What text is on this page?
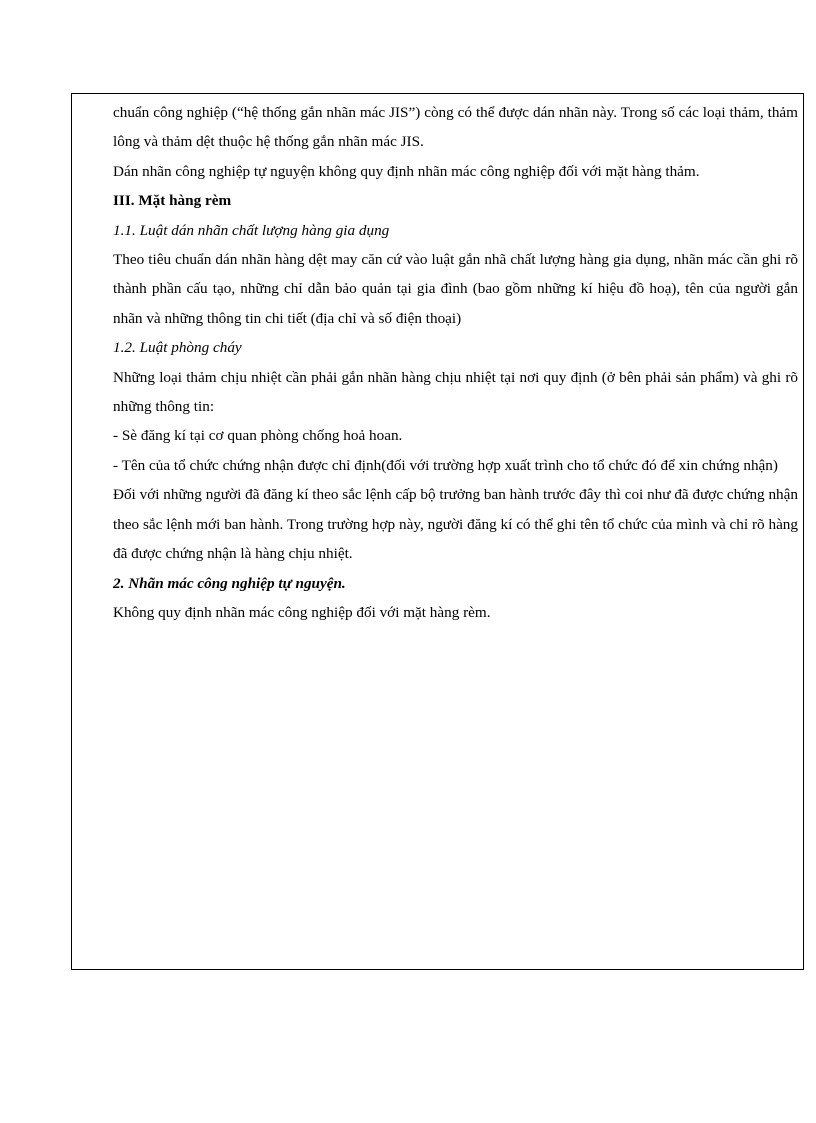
chuẩn công nghiệp (“hệ thống gắn nhãn mác JIS”) còng có thể được dán nhãn này. Trong số các loại thảm, thảm lông và thảm dệt thuộc hệ thống gắn nhãn mác JIS.

Dán nhãn công nghiệp tự nguyện không quy định nhãn mác công nghiệp đối với mặt hàng thảm.

III. Mặt hàng rèm

1.1. Luật dán nhãn chất lượng hàng gia dụng

Theo tiêu chuẩn dán nhãn hàng dệt may căn cứ vào luật gắn nhã chất lượng hàng gia dụng, nhãn mác cần ghi rõ thành phần cấu tạo, những chỉ dẫn bảo quản tại gia đình (bao gồm những kí hiệu đồ hoạ), tên của người gắn nhãn và những thông tin chi tiết (địa chỉ và số điện thoại)

1.2. Luật phòng cháy

Những loại thảm chịu nhiệt cần phải gắn nhãn hàng chịu nhiệt tại nơi quy định (ở bên phải sản phẩm) và ghi rõ những thông tin:

- Sè đăng kí tại cơ quan phòng chống hoả hoan.

- Tên của tổ chức chứng nhận được chỉ định(đối với trường hợp xuất trình cho tổ chức đó để xin chứng nhận)

Đối với những người đã đăng kí theo sắc lệnh cấp bộ trưởng ban hành trước đây thì coi như đã được chứng nhận theo sắc lệnh mới ban hành. Trong trường hợp này, người đăng kí có thể ghi tên tổ chức của mình và chỉ rõ hàng đã được chứng nhận là hàng chịu nhiệt.

2. Nhãn mác công nghiệp tự nguyện.

Không quy định nhãn mác công nghiệp đối với mặt hàng rèm.
